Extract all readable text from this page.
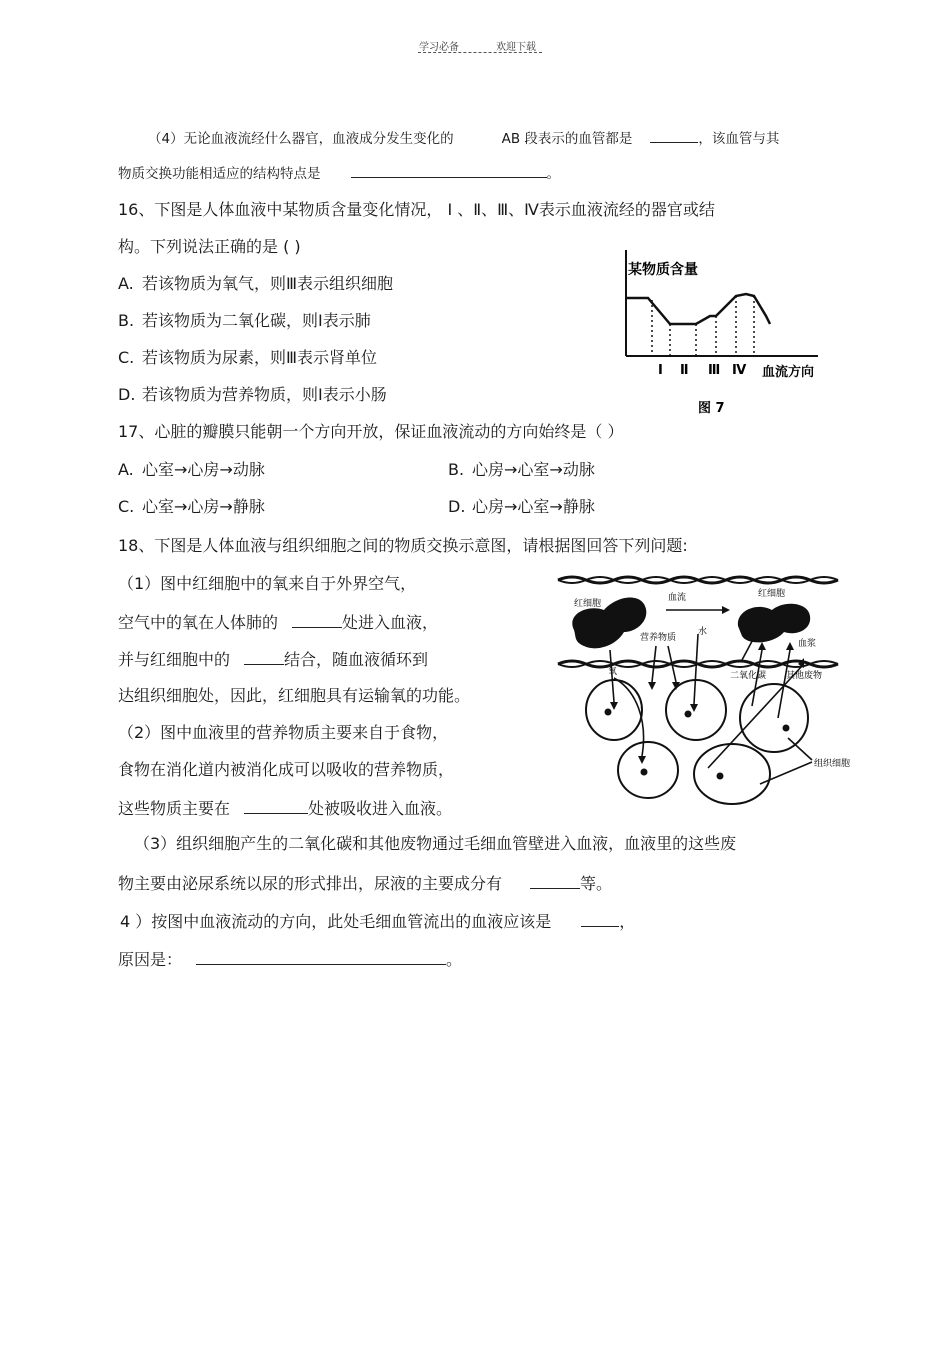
学习必备	欢迎下载
（4）无论血液流经什么器官，血液成分发生变化的	AB 段表示的血管都是	，该血管与其
物质交换功能相适应的结构特点是	。
16、下图是人体血液中某物质含量变化情况， Ⅰ 、Ⅱ、Ⅲ、Ⅳ表示血液流经的器官或结
构。下列说法正确的是 ( )
A. 若该物质为氧气，则Ⅲ表示组织细胞
B. 若该物质为二氧化碳，则Ⅰ表示肺
C. 若该物质为尿素，则Ⅲ表示肾单位
D. 若该物质为营养物质，则Ⅰ表示小肠
某物质含量
Ⅰ Ⅱ Ⅲ Ⅳ 血流方向
图 7
17、心脏的瓣膜只能朝一个方向开放，保证血液流动的方向始终是（ ）
A. 心室→心房→动脉	B. 心房→心室→动脉
C. 心室→心房→静脉	D. 心房→心室→静脉
18、下图是人体血液与组织细胞之间的物质交换示意图，请根据图回答下列问题:
（1）图中红细胞中的氧来自于外界空气，
空气中的氧在人体肺的	处进入血液，
并与红细胞中的	结合，随血液循环到
达组织细胞处，因此，红细胞具有运输氧的功能。
（2）图中血液里的营养物质主要来自于食物，
食物在消化道内被消化成可以吸收的营养物质，
这些物质主要在	处被吸收进入血液。
（3）组织细胞产生的二氧化碳和其他废物通过毛细血管壁进入血液，血液里的这些废
物主要由泌尿系统以尿的形式排出，尿液的主要成分有	等。
4 ）按图中血液流动的方向，此处毛细血管流出的血液应该是	，
原因是：	。
红细胞
血流	红细胞
氧
营养物质
水
血浆
二氧化碳 其他废物
组织细胞
